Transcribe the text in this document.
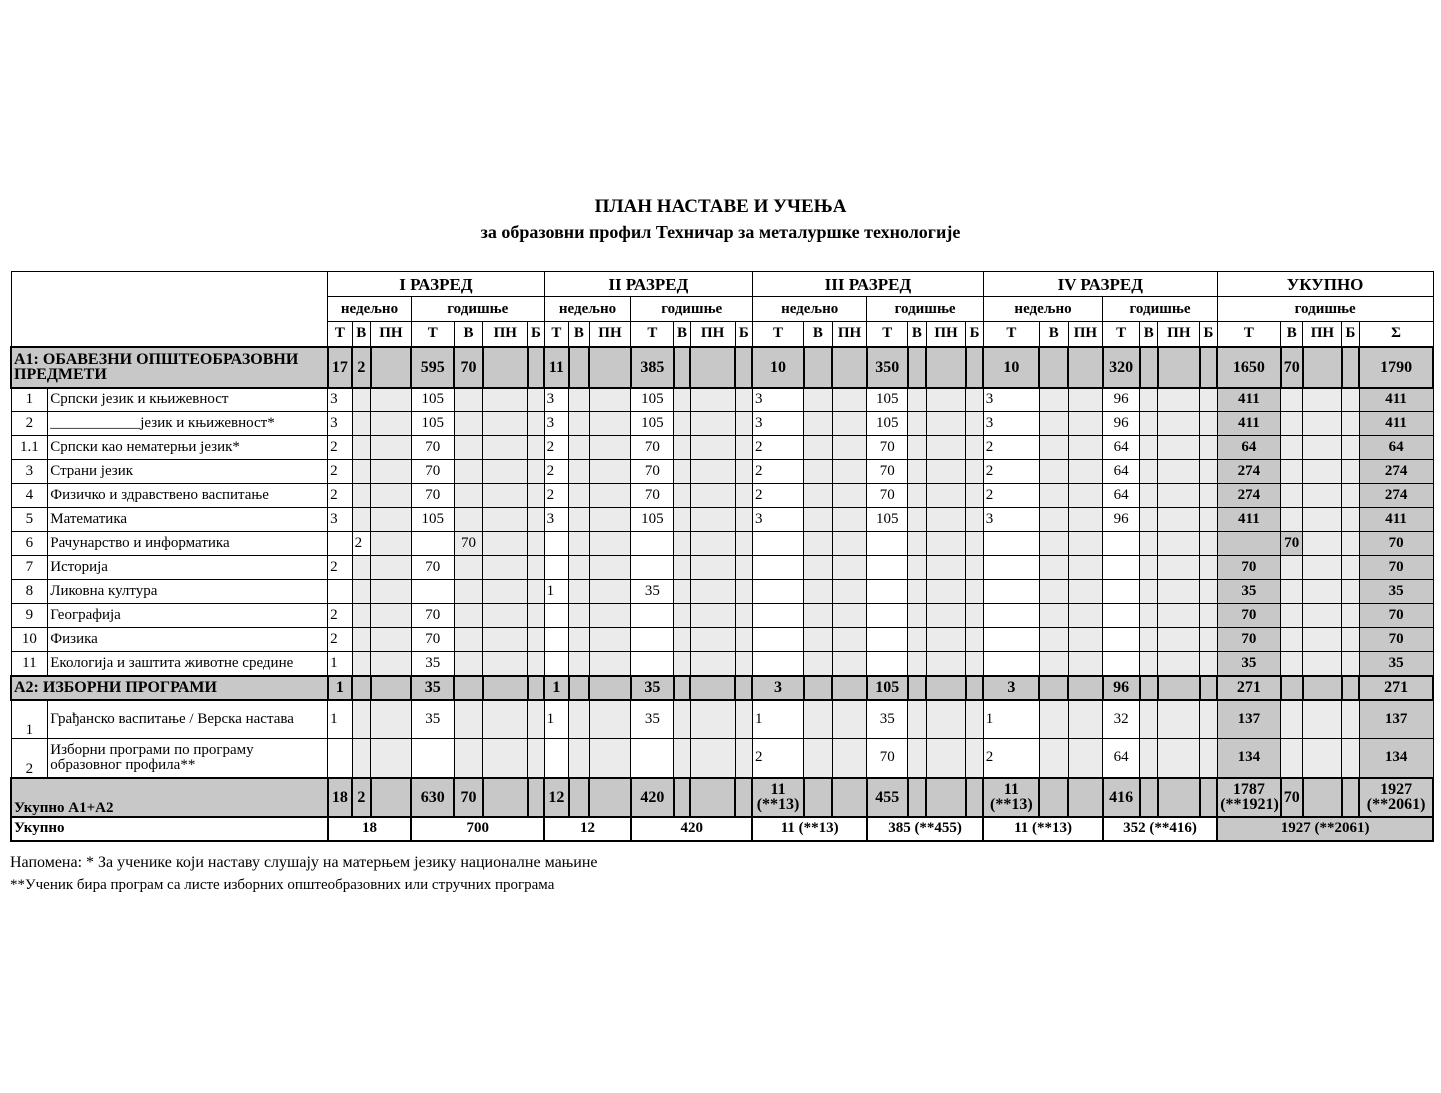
ПЛАН НАСТАВЕ И УЧЕЊА
за образовни профил Техничар за металуршке технологије
		I РАЗРЕД							II РАЗРЕД							III РАЗРЕД							IV РАЗРЕД							УКУПНО				
		недељно			годишње				недељно			годишње				недељно			годишње				недељно			годишње				годишње				
		Т	В	ПН	Т	В	ПН	Б	Т	В	ПН	Т	В	ПН	Б	Т	В	ПН	Т	В	ПН	Б	Т	В	ПН	Т	В	ПН	Б	Т	В	ПН	Б	Σ
А1: ОБАВЕЗНИ ОПШТЕОБРАЗОВНИ ПРЕДМЕТИ		17	2		595	70			11			385				10			350				10			320				1650	70			1790
1	Српски језик и књижевност	3			105				3			105				3			105				3			96				411				411
2	____________језик и књижевност*	3			105				3			105				3			105				3			96				411				411
1.1	Српски као нематерњи језик*	2			70				2			70				2			70				2			64				64				64
3	Страни језик	2			70				2			70				2			70				2			64				274				274
4	Физичко и здравствено васпитање	2			70				2			70				2			70				2			64				274				274
5	Математика	3			105				3			105				3			105				3			96				411				411
6	Рачунарство и информатика		2			70																									70			70
7	Историја	2			70																									70				70
8	Ликовна култура								1			35																		35				35
9	Географија	2			70																									70				70
10	Физика	2			70																									70				70
11	Екологија и заштита животне средине	1			35																									35				35
А2: ИЗБОРНИ ПРОГРАМИ		1			35				1			35				3			105				3			96				271				271
1	Грађанско васпитање / Верска настава	1			35				1			35				1			35				1			32				137				137
2	Изборни програми по програму образовног профила**															2			70				2			64				134				134
Укупно А1+А2		18	2		630	70			12			420				11 (**13)			455				11 (**13)			416				1787 (**1921)	70			1927 (**2061)
Укупно		18			700				12			420				11 (**13)			385 (**455)				11 (**13)			352 (**416)				1927 (**2061)				
Напомена: * За ученике који наставу слушају на матерњем језику националне мањине
**Ученик бира програм са листе изборних општеобразовних или стручних програма
